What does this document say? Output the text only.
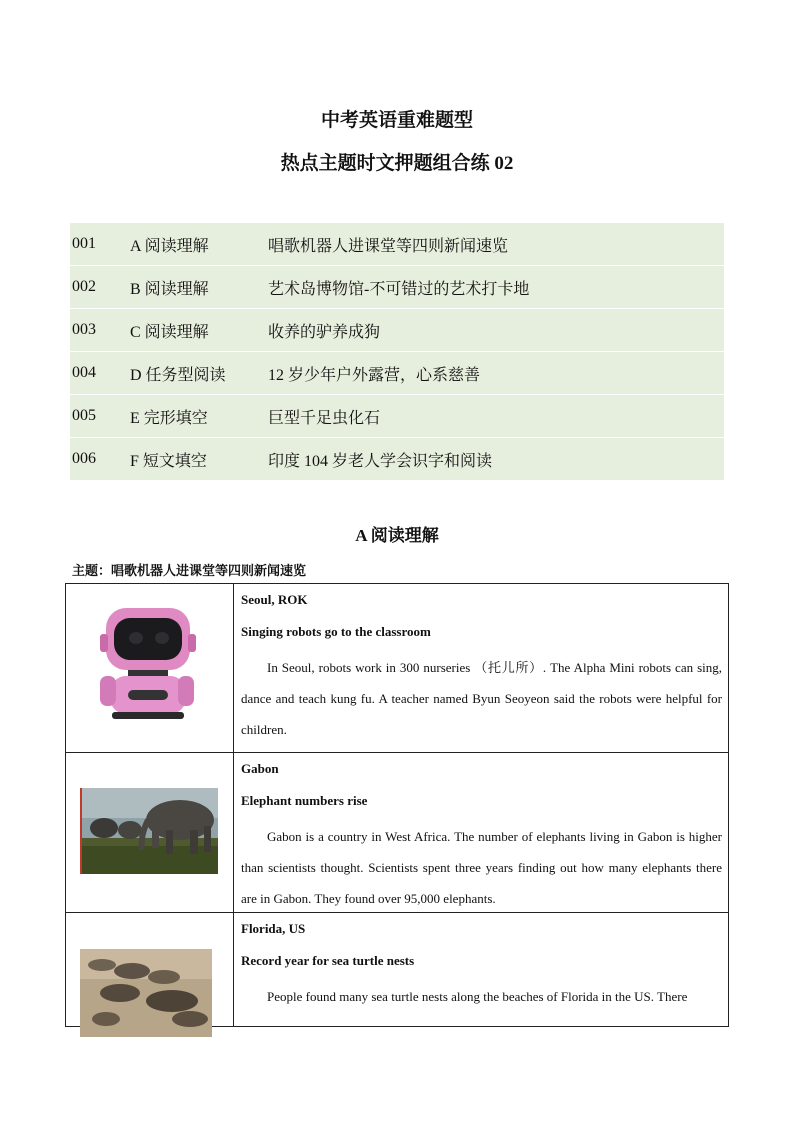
中考英语重难题型
热点主题时文押题组合练 02
001	A 阅读理解	唱歌机器人进课堂等四则新闻速览
002	B 阅读理解	艺术岛博物馆-不可错过的艺术打卡地
003	C 阅读理解	收养的驴养成狗
004	D 任务型阅读	12 岁少年户外露营，心系慈善
005	E 完形填空	巨型千足虫化石
006	F 短文填空	印度 104 岁老人学会识字和阅读
A 阅读理解
主题：唱歌机器人进课堂等四则新闻速览
Seoul, ROK
Singing robots go to the classroom
In Seoul, robots work in 300 nurseries （托儿所）. The Alpha Mini robots can sing, dance and teach kung fu. A teacher named Byun Seoyeon said the robots were helpful for children.
Gabon
Elephant numbers rise
Gabon is a country in West Africa. The number of elephants living in Gabon is higher than scientists thought. Scientists spent three years finding out how many elephants there are in Gabon. They found over 95,000 elephants.
Florida, US
Record year for sea turtle nests
People found many sea turtle nests along the beaches of Florida in the US. There
